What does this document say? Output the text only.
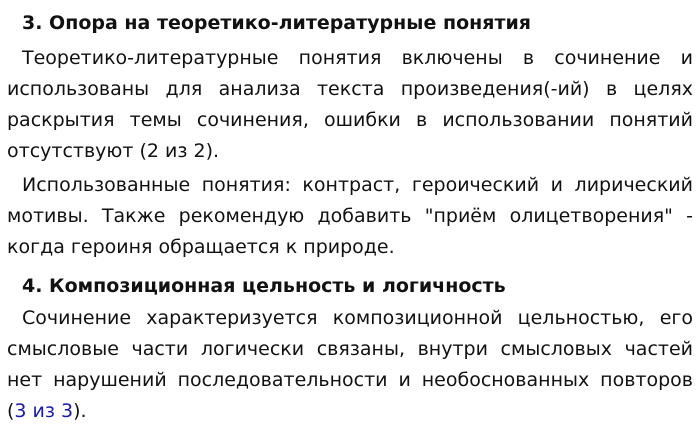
3. Опора на теоретико-литературные понятия

Теоретико-литературные понятия включены в сочинение и использованы для анализа текста произведения(-ий) в целях раскрытия темы сочинения, ошибки в использовании понятий отсутствуют (2 из 2).

Использованные понятия: контраст, героический и лирический мотивы. Также рекомендую добавить "приём олицетворения" - когда героиня обращается к природе.

4. Композиционная цельность и логичность

Сочинение характеризуется композиционной цельностью, его смысловые части логически связаны, внутри смысловых частей нет нарушений последовательности и необоснованных повторов (3 из 3).
